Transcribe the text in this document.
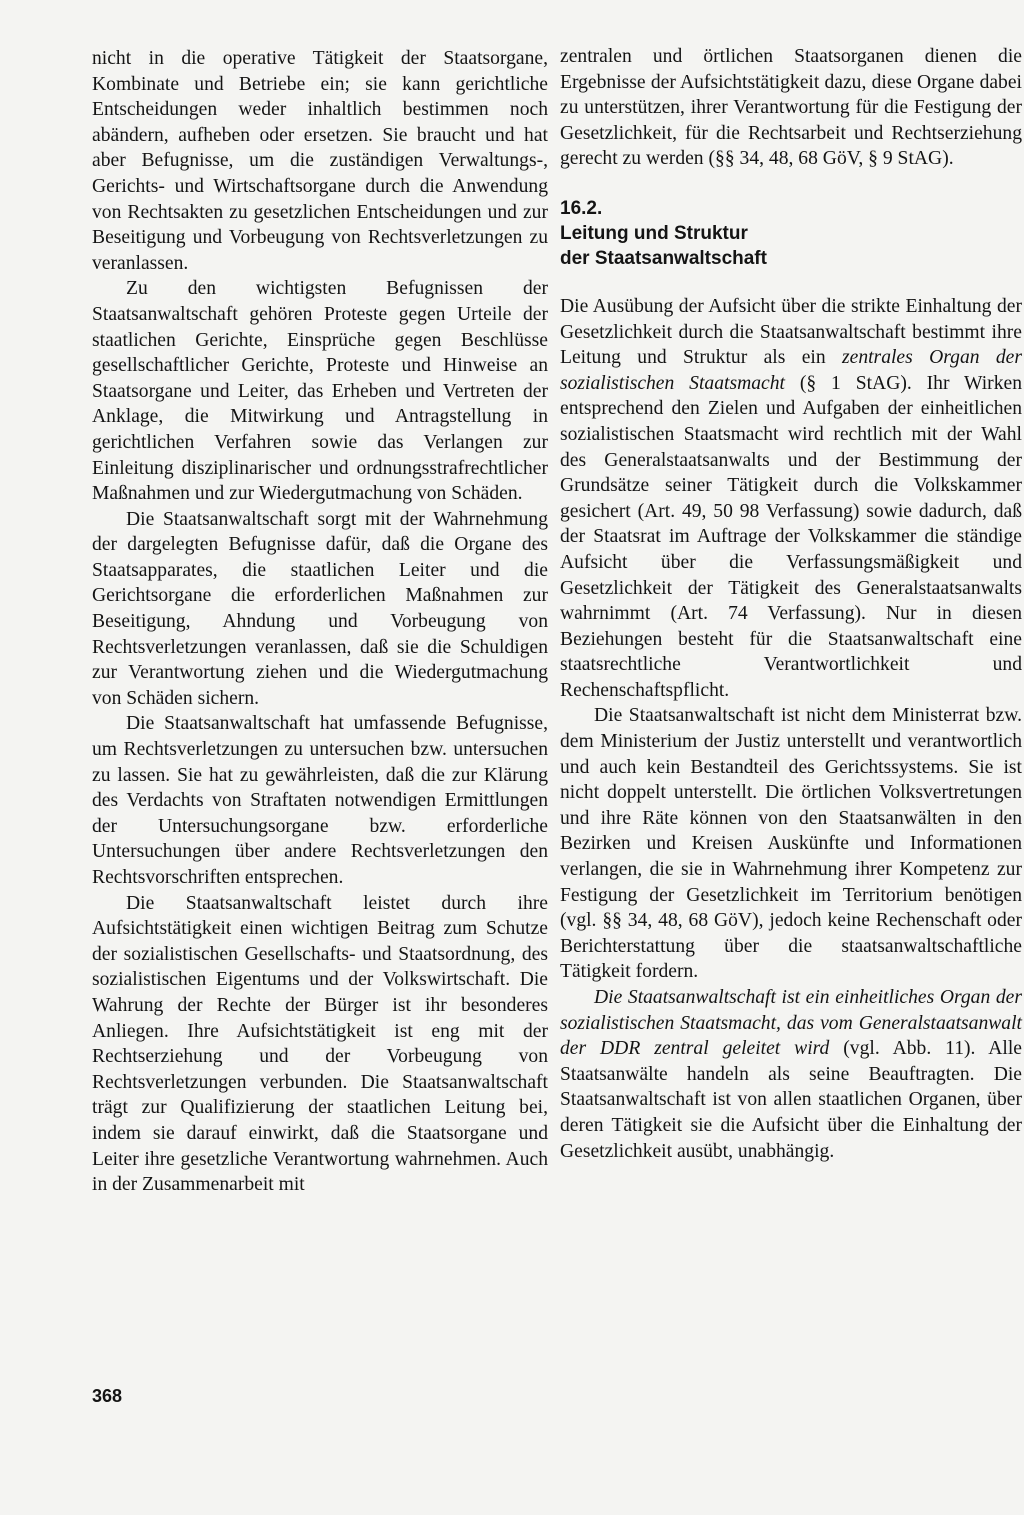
nicht in die operative Tätigkeit der Staatsorgane, Kombinate und Betriebe ein; sie kann gerichtliche Entscheidungen weder inhaltlich bestimmen noch abändern, aufheben oder ersetzen. Sie braucht und hat aber Befugnisse, um die zuständigen Verwaltungs-, Gerichts- und Wirtschaftsorgane durch die Anwendung von Rechtsakten zu gesetzlichen Entscheidungen und zur Beseitigung und Vorbeugung von Rechtsverletzungen zu veranlassen.

Zu den wichtigsten Befugnissen der Staatsanwaltschaft gehören Proteste gegen Urteile der staatlichen Gerichte, Einsprüche gegen Beschlüsse gesellschaftlicher Gerichte, Proteste und Hinweise an Staatsorgane und Leiter, das Erheben und Vertreten der Anklage, die Mitwirkung und Antragstellung in gerichtlichen Verfahren sowie das Verlangen zur Einleitung disziplinarischer und ordnungsstrafrechtlicher Maßnahmen und zur Wiedergutmachung von Schäden.

Die Staatsanwaltschaft sorgt mit der Wahrnehmung der dargelegten Befugnisse dafür, daß die Organe des Staatsapparates, die staatlichen Leiter und die Gerichtsorgane die erforderlichen Maßnahmen zur Beseitigung, Ahndung und Vorbeugung von Rechtsverletzungen veranlassen, daß sie die Schuldigen zur Verantwortung ziehen und die Wiedergutmachung von Schäden sichern.

Die Staatsanwaltschaft hat umfassende Befugnisse, um Rechtsverletzungen zu untersuchen bzw. untersuchen zu lassen. Sie hat zu gewährleisten, daß die zur Klärung des Verdachts von Straftaten notwendigen Ermittlungen der Untersuchungsorgane bzw. erforderliche Untersuchungen über andere Rechtsverletzungen den Rechtsvorschriften entsprechen.

Die Staatsanwaltschaft leistet durch ihre Aufsichtstätigkeit einen wichtigen Beitrag zum Schutze der sozialistischen Gesellschafts- und Staatsordnung, des sozialistischen Eigentums und der Volkswirtschaft. Die Wahrung der Rechte der Bürger ist ihr besonderes Anliegen. Ihre Aufsichtstätigkeit ist eng mit der Rechtserziehung und der Vorbeugung von Rechtsverletzungen verbunden. Die Staatsanwaltschaft trägt zur Qualifizierung der staatlichen Leitung bei, indem sie darauf einwirkt, daß die Staatsorgane und Leiter ihre gesetzliche Verantwortung wahrnehmen. Auch in der Zusammenarbeit mit

zentralen und örtlichen Staatsorganen dienen die Ergebnisse der Aufsichtstätigkeit dazu, diese Organe dabei zu unterstützen, ihrer Verantwortung für die Festigung der Gesetzlichkeit, für die Rechtsarbeit und Rechtserziehung gerecht zu werden (§§ 34, 48, 68 GöV, § 9 StAG).

16.2.
Leitung und Struktur
der Staatsanwaltschaft

Die Ausübung der Aufsicht über die strikte Einhaltung der Gesetzlichkeit durch die Staatsanwaltschaft bestimmt ihre Leitung und Struktur als ein zentrales Organ der sozialistischen Staatsmacht (§ 1 StAG). Ihr Wirken entsprechend den Zielen und Aufgaben der einheitlichen sozialistischen Staatsmacht wird rechtlich mit der Wahl des Generalstaatsanwalts und der Bestimmung der Grundsätze seiner Tätigkeit durch die Volkskammer gesichert (Art. 49, 50 98 Verfassung) sowie dadurch, daß der Staatsrat im Auftrage der Volkskammer die ständige Aufsicht über die Verfassungsmäßigkeit und Gesetzlichkeit der Tätigkeit des Generalstaatsanwalts wahrnimmt (Art. 74 Verfassung). Nur in diesen Beziehungen besteht für die Staatsanwaltschaft eine staatsrechtliche Verantwortlichkeit und Rechenschaftspflicht.

Die Staatsanwaltschaft ist nicht dem Ministerrat bzw. dem Ministerium der Justiz unterstellt und verantwortlich und auch kein Bestandteil des Gerichtssystems. Sie ist nicht doppelt unterstellt. Die örtlichen Volksvertretungen und ihre Räte können von den Staatsanwälten in den Bezirken und Kreisen Auskünfte und Informationen verlangen, die sie in Wahrnehmung ihrer Kompetenz zur Festigung der Gesetzlichkeit im Territorium benötigen (vgl. §§ 34, 48, 68 GöV), jedoch keine Rechenschaft oder Berichterstattung über die staatsanwaltschaftliche Tätigkeit fordern.

Die Staatsanwaltschaft ist ein einheitliches Organ der sozialistischen Staatsmacht, das vom Generalstaatsanwalt der DDR zentral geleitet wird (vgl. Abb. 11). Alle Staatsanwälte handeln als seine Beauftragten. Die Staatsanwaltschaft ist von allen staatlichen Organen, über deren Tätigkeit sie die Aufsicht über die Einhaltung der Gesetzlichkeit ausübt, unabhängig.

368
